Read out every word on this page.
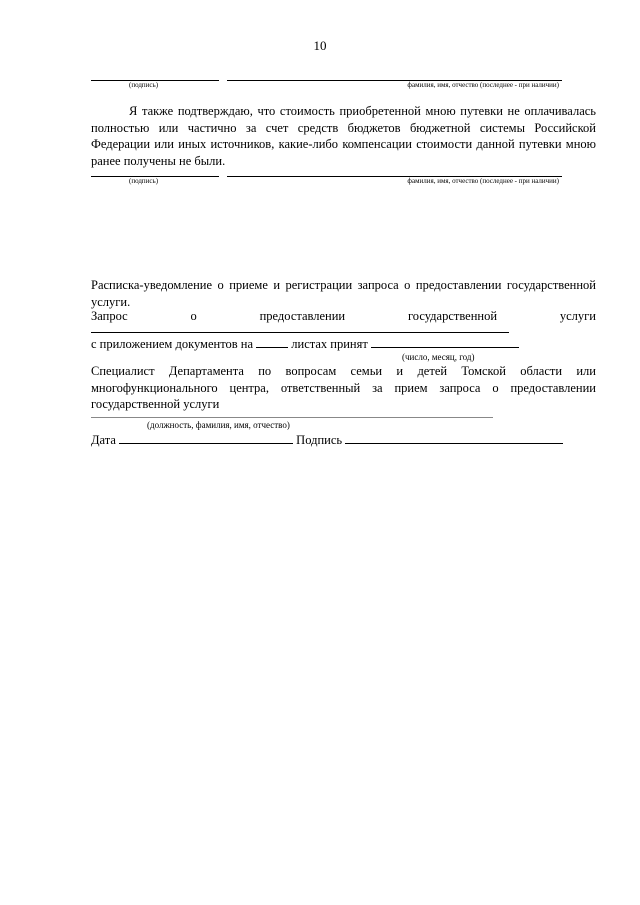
10
(подпись)	фамилия, имя, отчество (последнее - при наличии)
Я также подтверждаю, что стоимость приобретенной мною путевки не оплачивалась полностью или частично за счет средств бюджетов бюджетной системы Российской Федерации или иных источников, какие-либо компенсации стоимости данной путевки мною ранее получены не были.
(подпись)	фамилия, имя, отчество (последнее - при наличии)
Расписка-уведомление о приеме и регистрации запроса о предоставлении государственной услуги.
Запрос	о	предоставлении	государственной	услуги
с приложением документов на	листах принят
(число, месяц, год)
Специалист Департамента по вопросам семьи и детей Томской области или многофункционального центра, ответственный за прием запроса о предоставлении государственной услуги
(должность, фамилия, имя, отчество)
Дата	Подпись
